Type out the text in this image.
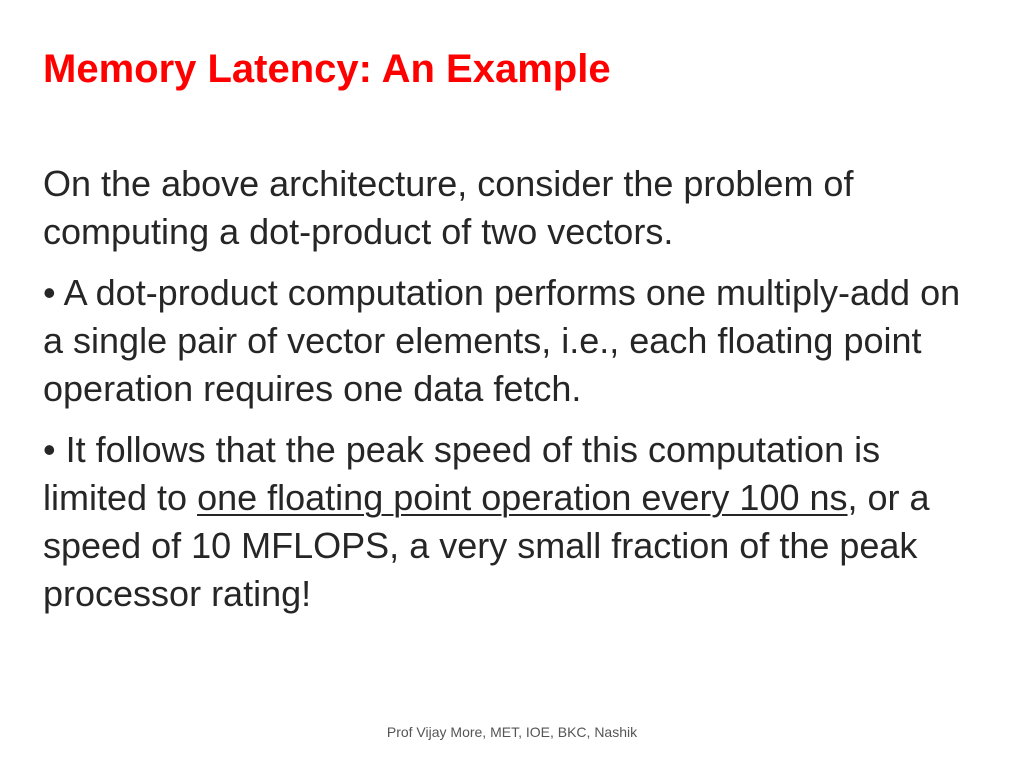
Memory Latency: An Example

On the above architecture, consider the problem of computing a dot-product of two vectors.

• A dot-product computation performs one multiply-add on a single pair of vector elements, i.e., each floating point operation requires one data fetch.

• It follows that the peak speed of this computation is limited to one floating point operation every 100 ns, or a speed of 10 MFLOPS, a very small fraction of the peak processor rating!

Prof Vijay More, MET, IOE, BKC, Nashik
